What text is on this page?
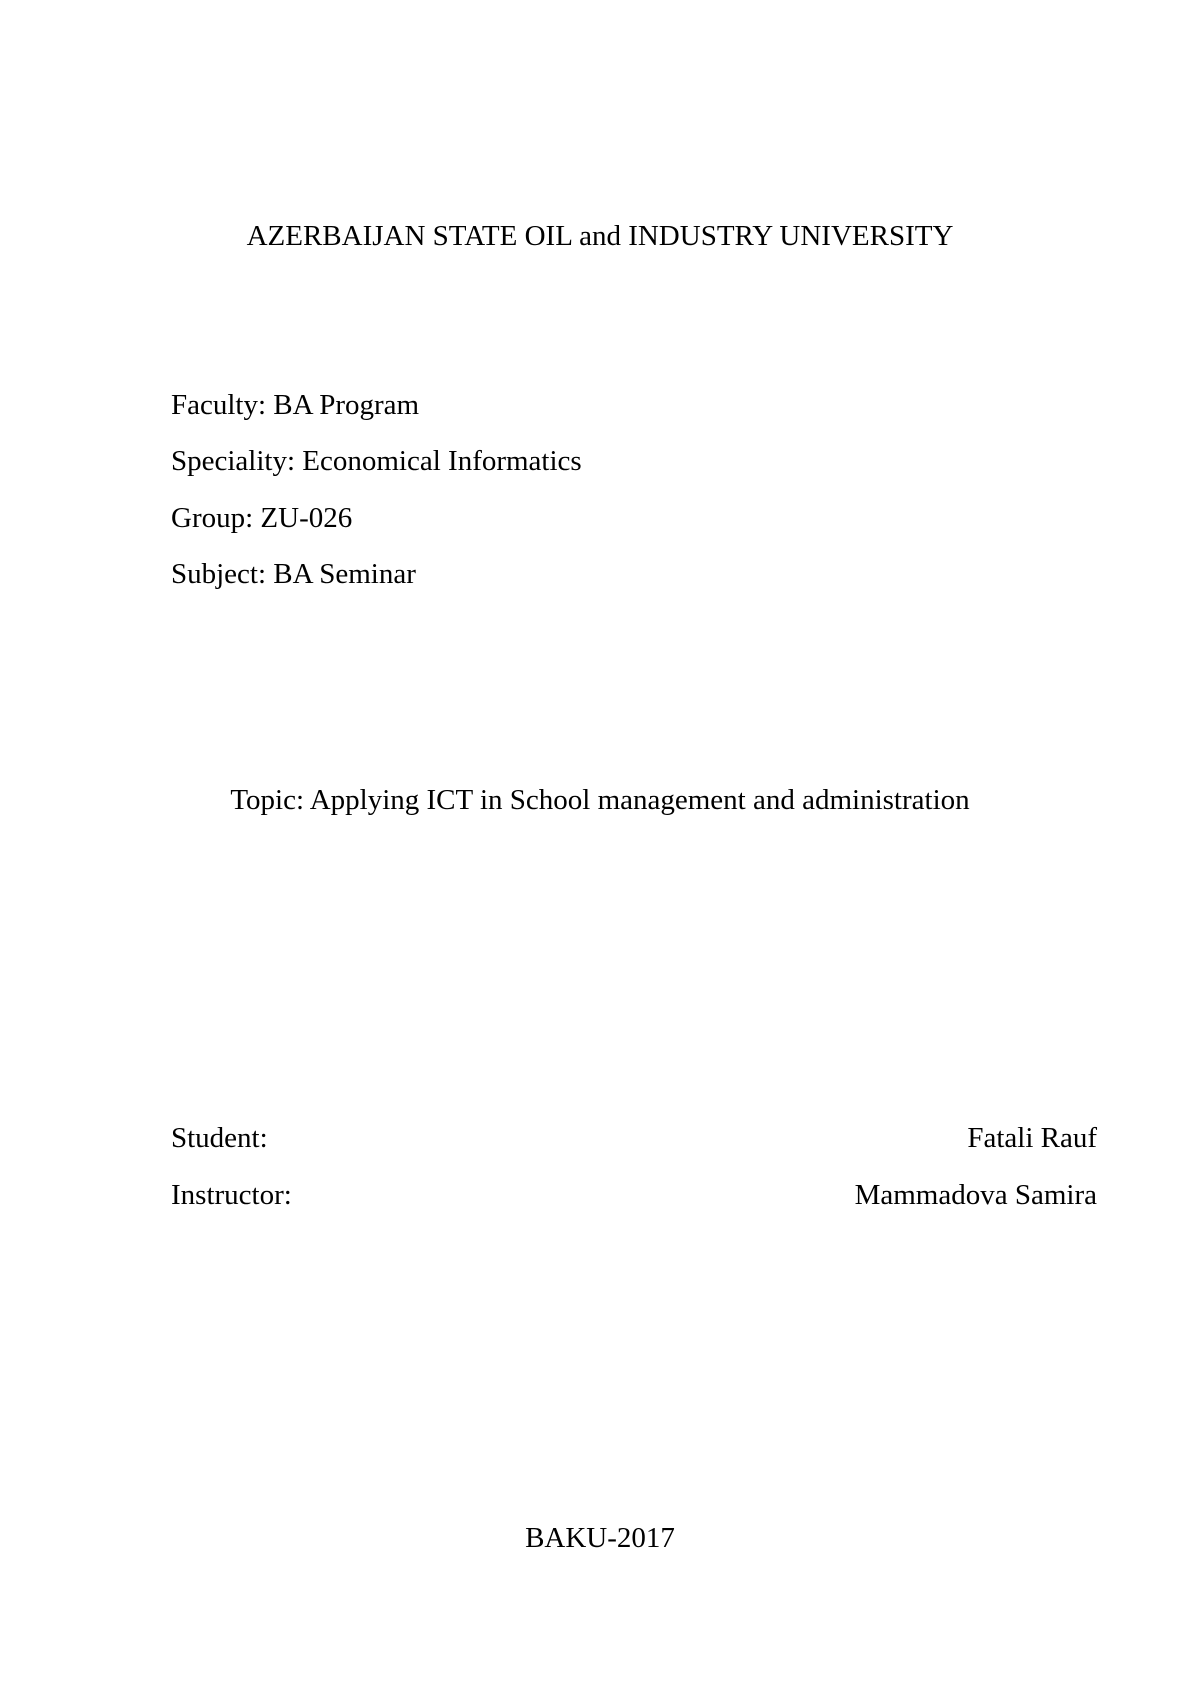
AZERBAIJAN STATE OIL and INDUSTRY UNIVERSITY

Faculty: BA Program

Speciality: Economical Informatics

Group: ZU-026

Subject: BA Seminar

Topic: Applying ICT in School management and administration

Student:	Fatali Rauf

Instructor:	Mammadova Samira

BAKU-2017
